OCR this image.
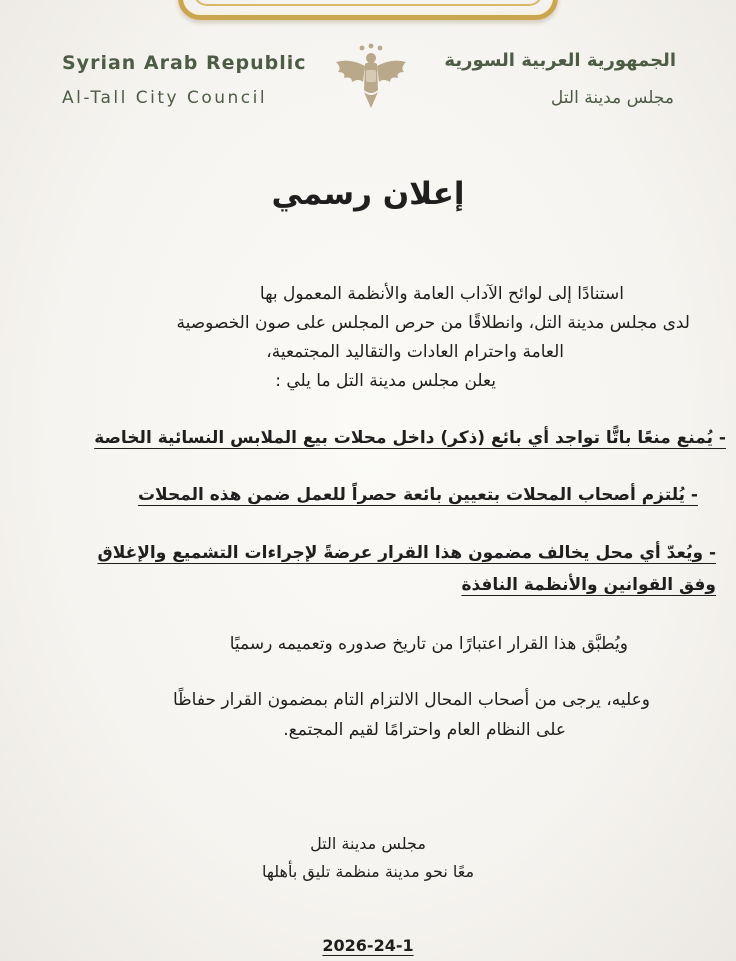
Syrian Arab Republic
Al-Tall City Council
الجمهورية العربية السورية
مجلس مدينة التل
إعلان رسمي
استنادًا إلى لوائح الآداب العامة والأنظمة المعمول بها
لدى مجلس مدينة التل، وانطلاقًا من حرص المجلس على صون الخصوصية
العامة واحترام العادات والتقاليد المجتمعية،
يعلن مجلس مدينة التل ما يلي :
- يُمنع منعًا باتًّا تواجد أي بائع (ذكر) داخل محلات بيع الملابس النسائية الخاصة
- يُلتزم أصحاب المحلات بتعيين بائعة حصراً للعمل ضمن هذه المحلات
- ويُعدّ أي محل يخالف مضمون هذا القرار عرضةً لإجراءات التشميع والإغلاق
وفق القوانين والأنظمة النافذة
ويُطبَّق هذا القرار اعتبارًا من تاريخ صدوره وتعميمه رسميًا
وعليه، يرجى من أصحاب المحال الالتزام التام بمضمون القرار حفاظًا
على النظام العام واحترامًا لقيم المجتمع.
مجلس مدينة التل
معًا نحو مدينة منظمة تليق بأهلها
2026-24-1
